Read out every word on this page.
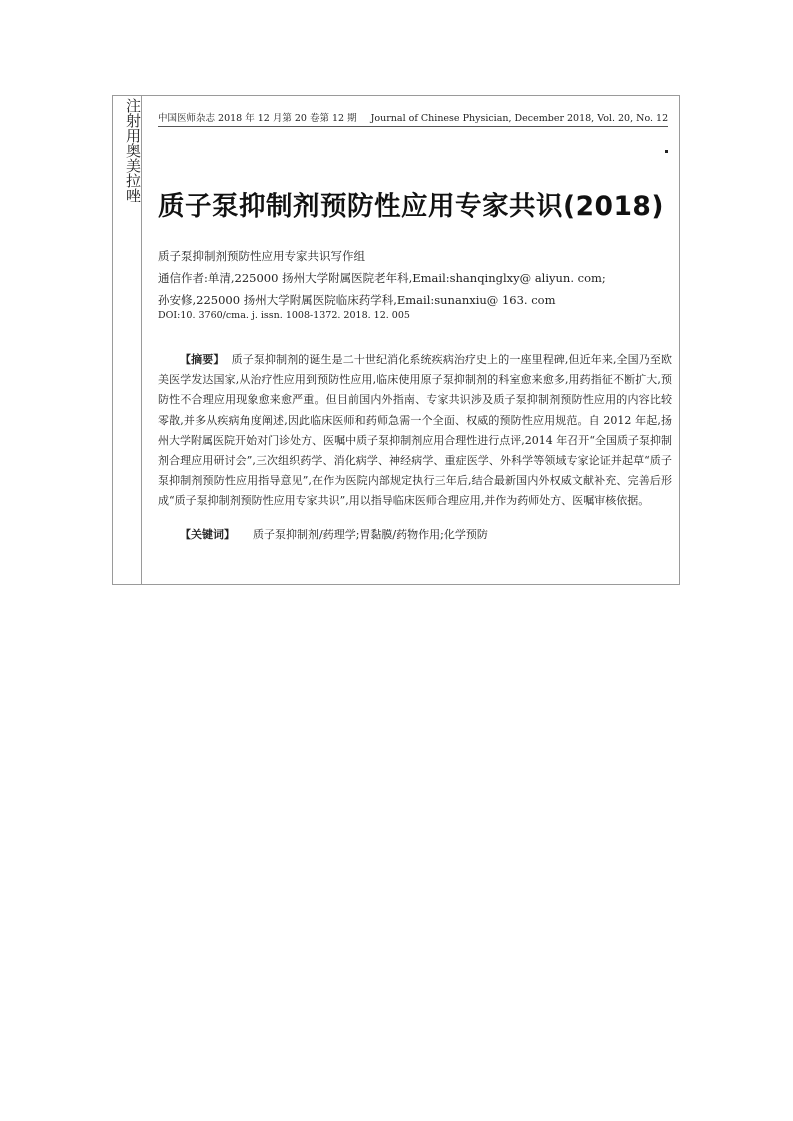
注射用奥美拉唑 中国医师杂志 2018 年 12 月第 20 卷第 12 期 Journal of Chinese Physician, December 2018, Vol. 20, No. 12
质子泵抑制剂预防性应用专家共识(2018)
质子泵抑制剂预防性应用专家共识写作组
通信作者:单清,225000 扬州大学附属医院老年科,Email:shanqinglxy@ aliyun. com;
孙安修,225000 扬州大学附属医院临床药学科,Email:sunanxiu@ 163. com
DOI:10. 3760/cma. j. issn. 1008-1372. 2018. 12. 005
【摘要】 质子泵抑制剂的诞生是二十世纪消化系统疾病治疗史上的一座里程碑,但近年来,全国乃至欧美医学发达国家,从治疗性应用到预防性应用,临床使用原子泵抑制剂的科室愈来愈多,用药指征不断扩大,预防性不合理应用现象愈来愈严重。但目前国内外指南、专家共识涉及质子泵抑制剂预防性应用的内容比较零散,并多从疾病角度阐述,因此临床医师和药师急需一个全面、权威的预防性应用规范。自 2012 年起,扬州大学附属医院开始对门诊处方、医嘱中质子泵抑制剂应用合理性进行点评,2014 年召开“全国质子泵抑制剂合理应用研讨会”,三次组织药学、消化病学、神经病学、重症医学、外科学等领域专家论证并起草“质子泵抑制剂预防性应用指导意见”,在作为医院内部规定执行三年后,结合最新国内外权威文献补充、完善后形成“质子泵抑制剂预防性应用专家共识”,用以指导临床医师合理应用,并作为药师处方、医嘱审核依据。
【关键词】 质子泵抑制剂/药理学;胃黏膜/药物作用;化学预防
